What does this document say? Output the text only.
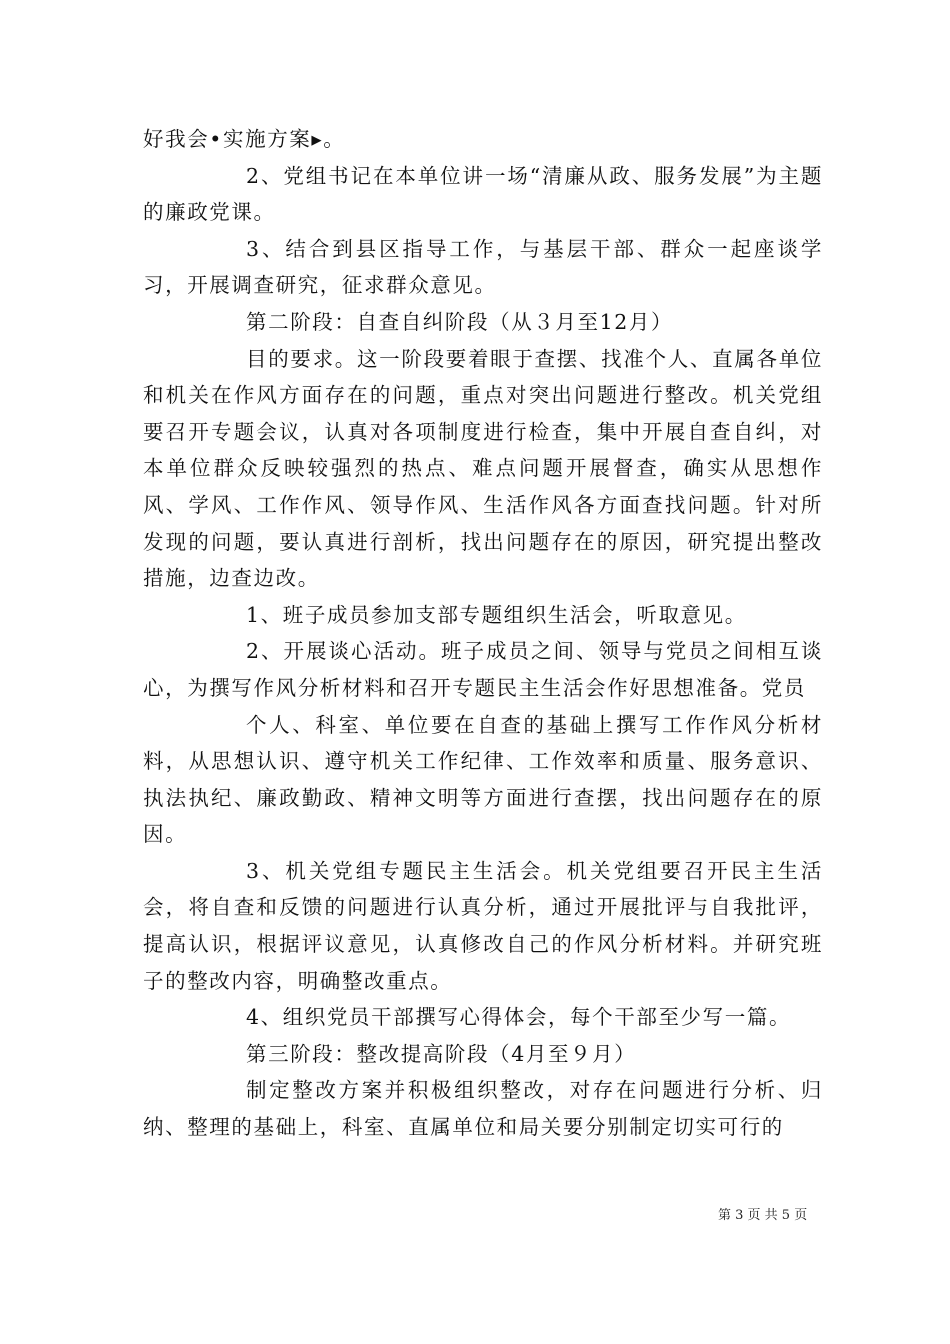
好我会•实施方案▸。

2、党组书记在本单位讲一场“清廉从政、服务发展”为主题的廉政党课。

3、结合到县区指导工作，与基层干部、群众一起座谈学习，开展调查研究，征求群众意见。

第二阶段：自查自纠阶段（从３月至12月）

目的要求。这一阶段要着眼于查摆、找准个人、直属各单位和机关在作风方面存在的问题，重点对突出问题进行整改。机关党组要召开专题会议，认真对各项制度进行检查，集中开展自查自纠，对本单位群众反映较强烈的热点、难点问题开展督查，确实从思想作风、学风、工作作风、领导作风、生活作风各方面查找问题。针对所发现的问题，要认真进行剖析，找出问题存在的原因，研究提出整改措施，边查边改。

1、班子成员参加支部专题组织生活会，听取意见。

2、开展谈心活动。班子成员之间、领导与党员之间相互谈心，为撰写作风分析材料和召开专题民主生活会作好思想准备。党员

个人、科室、单位要在自查的基础上撰写工作作风分析材料，从思想认识、遵守机关工作纪律、工作效率和质量、服务意识、执法执纪、廉政勤政、精神文明等方面进行查摆，找出问题存在的原因。

3、机关党组专题民主生活会。机关党组要召开民主生活会，将自查和反馈的问题进行认真分析，通过开展批评与自我批评，提高认识，根据评议意见，认真修改自己的作风分析材料。并研究班子的整改内容，明确整改重点。

4、组织党员干部撰写心得体会，每个干部至少写一篇。

第三阶段：整改提高阶段（4月至９月）

制定整改方案并积极组织整改，对存在问题进行分析、归纳、整理的基础上，科室、直属单位和局关要分别制定切实可行的

第 3 页 共 5 页
